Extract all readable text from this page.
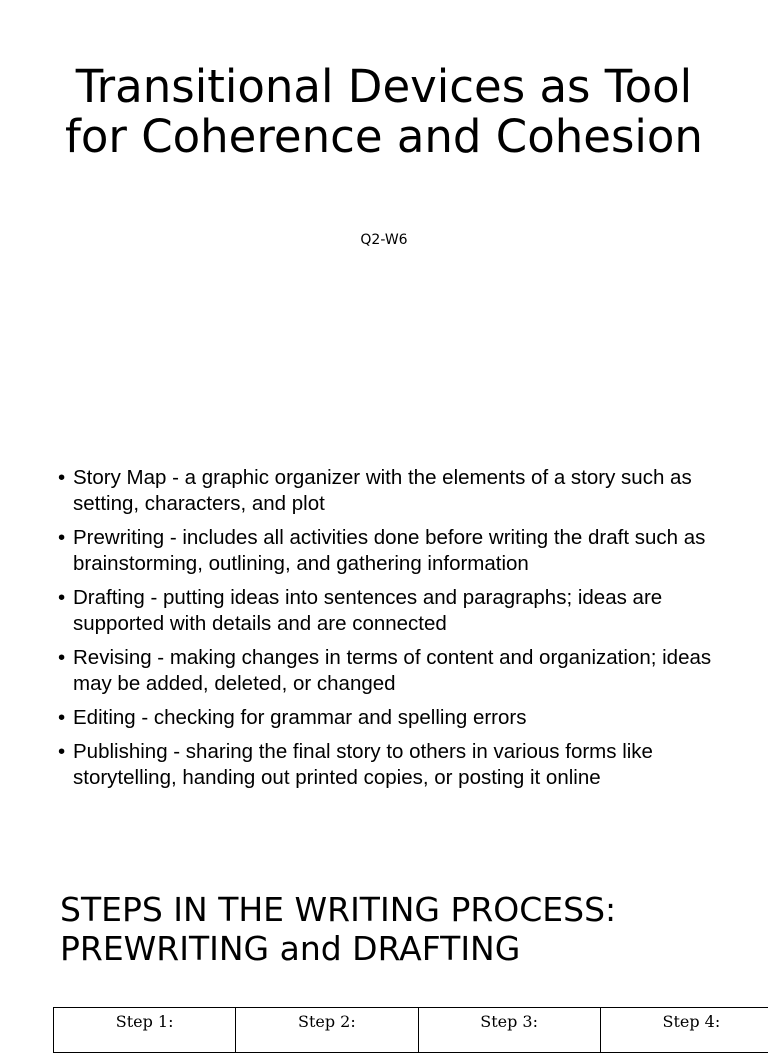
Transitional Devices as Tool for Coherence and Cohesion
Q2-W6
• Story Map - a graphic organizer with the elements of a story such as setting, characters, and plot
• Prewriting - includes all activities done before writing the draft such as brainstorming, outlining, and gathering information
• Drafting - putting ideas into sentences and paragraphs; ideas are supported with details and are connected
• Revising - making changes in terms of content and organization; ideas may be added, deleted, or changed
• Editing - checking for grammar and spelling errors
• Publishing - sharing the final story to others in various forms like storytelling, handing out printed copies, or posting it online
STEPS IN THE WRITING PROCESS: PREWRITING and DRAFTING
Step 1:	Step 2:	Step 3:	Step 4:
